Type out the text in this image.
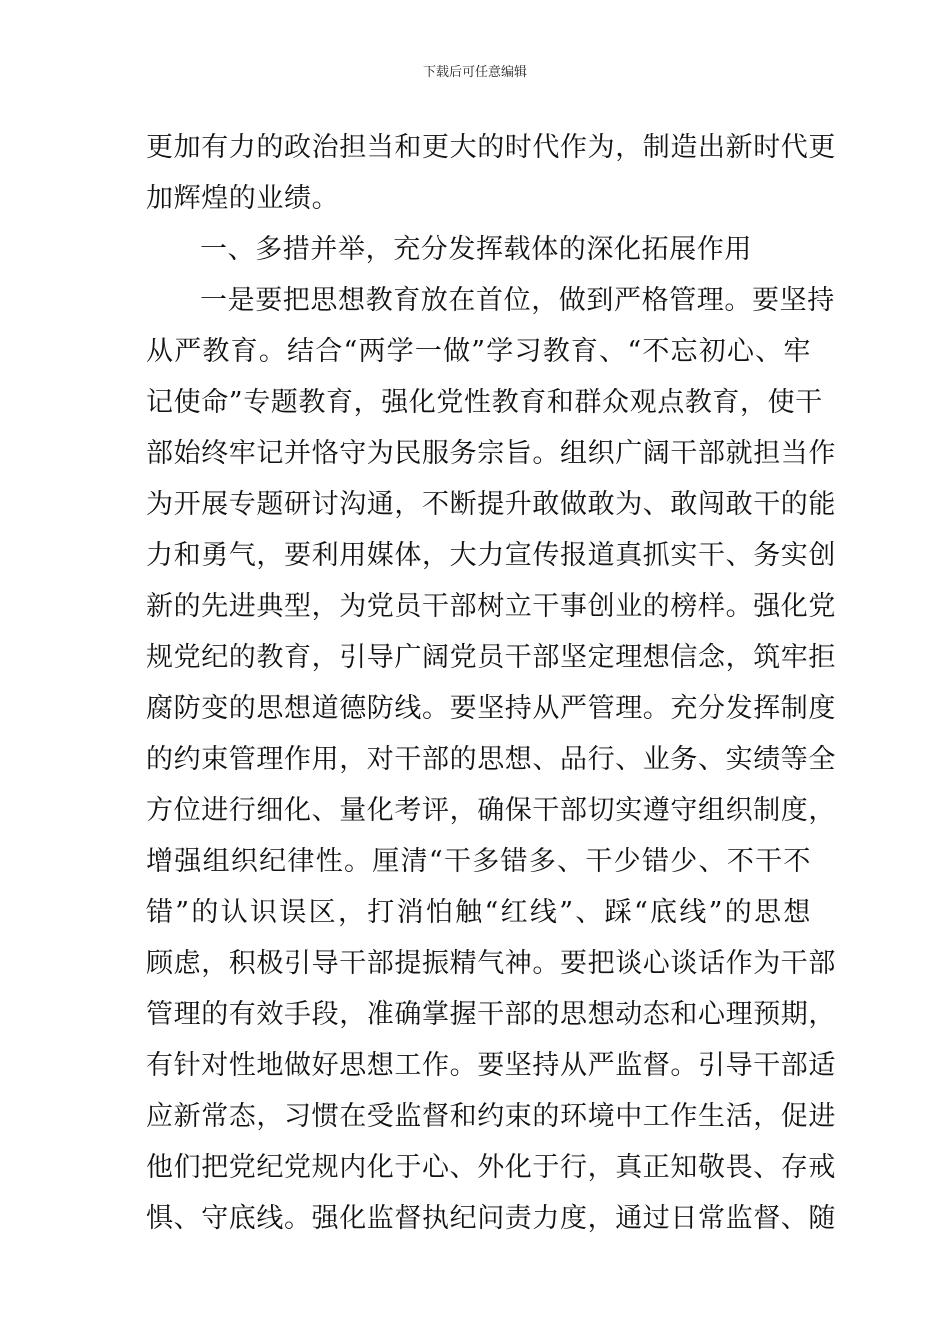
下载后可任意编辑
更加有力的政治担当和更大的时代作为，制造出新时代更
加辉煌的业绩。
一、多措并举，充分发挥载体的深化拓展作用
一是要把思想教育放在首位，做到严格管理。要坚持
从严教育。结合“两学一做”学习教育、“不忘初心、牢
记使命”专题教育，强化党性教育和群众观点教育，使干
部始终牢记并恪守为民服务宗旨。组织广阔干部就担当作
为开展专题研讨沟通，不断提升敢做敢为、敢闯敢干的能
力和勇气，要利用媒体，大力宣传报道真抓实干、务实创
新的先进典型，为党员干部树立干事创业的榜样。强化党
规党纪的教育，引导广阔党员干部坚定理想信念，筑牢拒
腐防变的思想道德防线。要坚持从严管理。充分发挥制度
的约束管理作用，对干部的思想、品行、业务、实绩等全
方位进行细化、量化考评，确保干部切实遵守组织制度，
增强组织纪律性。厘清“干多错多、干少错少、不干不
错”的认识误区，打消怕触“红线”、踩“底线”的思想
顾虑，积极引导干部提振精气神。要把谈心谈话作为干部
管理的有效手段，准确掌握干部的思想动态和心理预期，
有针对性地做好思想工作。要坚持从严监督。引导干部适
应新常态，习惯在受监督和约束的环境中工作生活，促进
他们把党纪党规内化于心、外化于行，真正知敬畏、存戒
惧、守底线。强化监督执纪问责力度，通过日常监督、随
